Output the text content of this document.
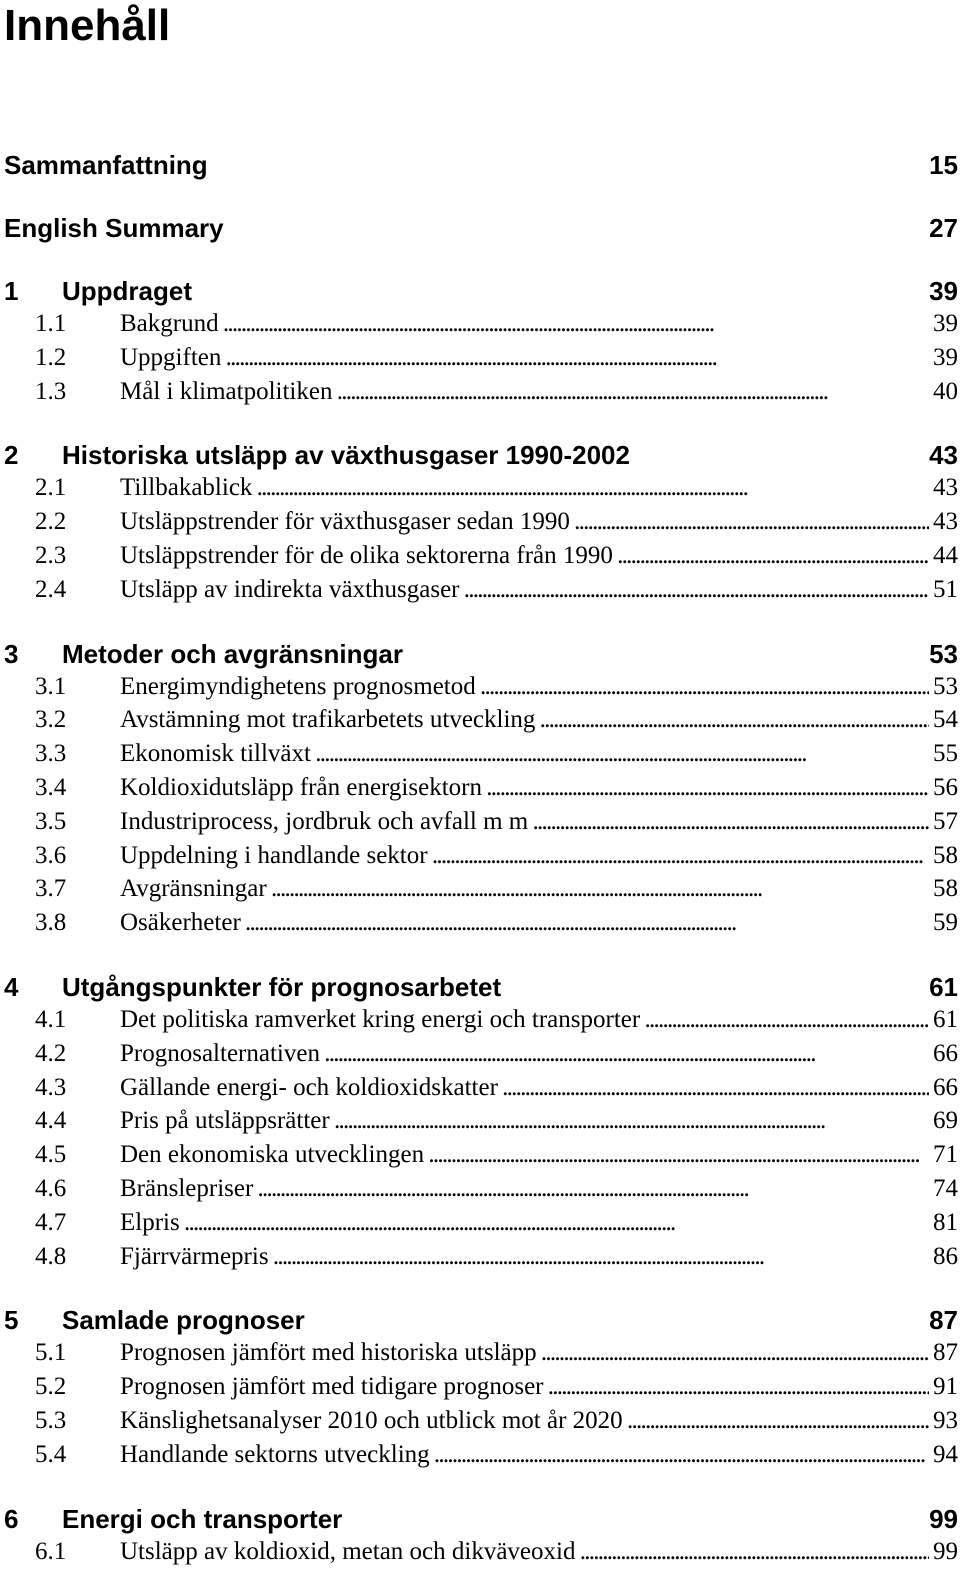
Innehåll
Sammanfattning	15
English Summary	27
1 Uppdraget	39
1.1 Bakgrund . . .	39
1.2 Uppgiften . . .	39
1.3 Mål i klimatpolitiken . . .	40
2 Historiska utsläpp av växthusgaser 1990-2002	43
2.1 Tillbakablick . . .	43
2.2 Utsläppstrender för växthusgaser sedan 1990 . . .	43
2.3 Utsläppstrender för de olika sektorerna från 1990 . . .	44
2.4 Utsläpp av indirekta växthusgaser . . .	51
3 Metoder och avgränsningar	53
3.1 Energimyndighetens prognosmetod . . .	53
3.2 Avstämning mot trafikarbetets utveckling . . .	54
3.3 Ekonomisk tillväxt . . .	55
3.4 Koldioxidutsläpp från energisektorn . . .	56
3.5 Industriprocess, jordbruk och avfall m m . . .	57
3.6 Uppdelning i handlande sektor . . .	58
3.7 Avgränsningar . . .	58
3.8 Osäkerheter . . .	59
4 Utgångspunkter för prognosarbetet	61
4.1 Det politiska ramverket kring energi och transporter . . .	61
4.2 Prognosalternativen . . .	66
4.3 Gällande energi- och koldioxidskatter . . .	66
4.4 Pris på utsläppsrätter . . .	69
4.5 Den ekonomiska utvecklingen . . .	71
4.6 Bränslepriser . . .	74
4.7 Elpris . . .	81
4.8 Fjärrvärmepris . . .	86
5 Samlade prognoser	87
5.1 Prognosen jämfört med historiska utsläpp . . .	87
5.2 Prognosen jämfört med tidigare prognoser . . .	91
5.3 Känslighetsanalyser 2010 och utblick mot år 2020 . . .	93
5.4 Handlande sektorns utveckling . . .	94
6 Energi och transporter	99
6.1 Utsläpp av koldioxid, metan och dikväveoxid . . .	99
